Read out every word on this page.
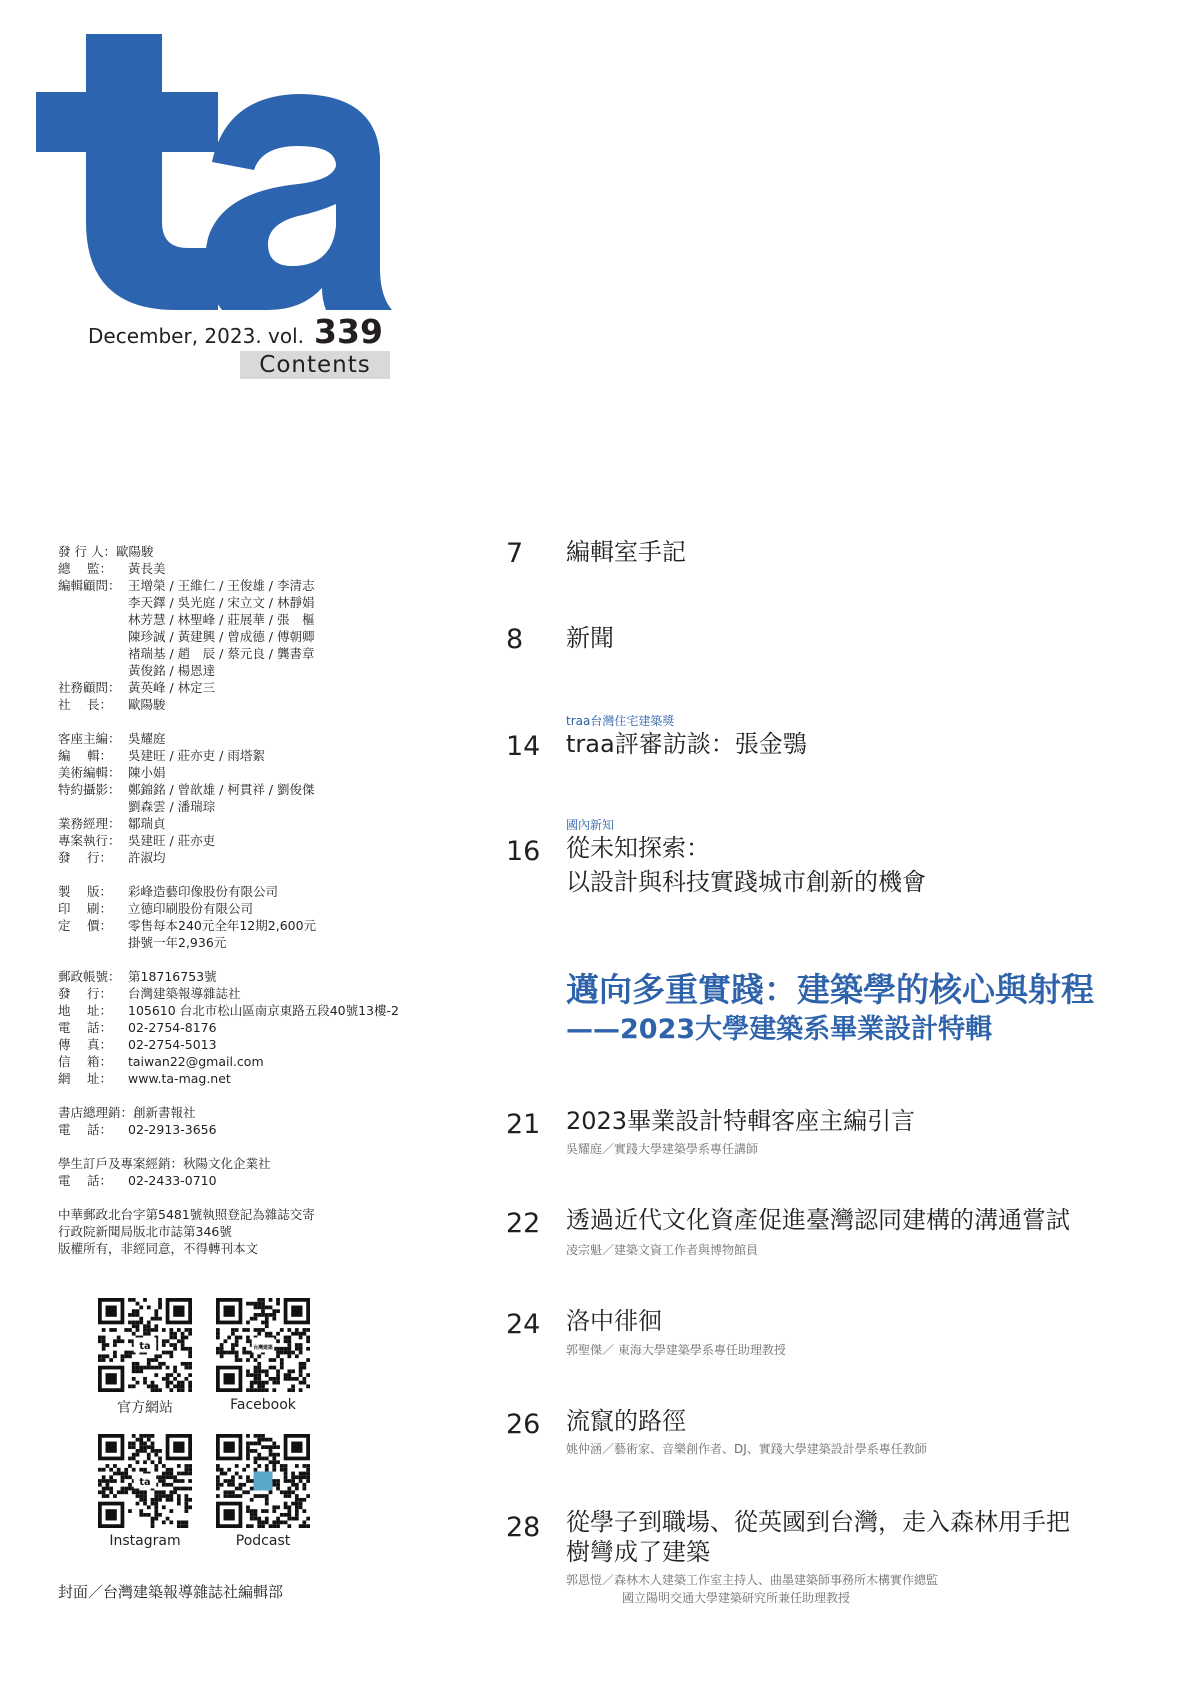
ta
December, 2023. vol. 339
Contents
發 行 人： 歐陽駿
總　 監：	黃長美
編輯顧問： 王增榮 / 王維仁 / 王俊雄 / 李清志
李天鐸 / 吳光庭 / 宋立文 / 林靜娟
林芳慧 / 林聖峰 / 莊展華 / 張　樞
陳珍誠 / 黃建興 / 曾成德 / 傅朝卿
褚瑞基 / 趙　辰 / 蔡元良 / 龔書章
黃俊銘 / 楊恩達
社務顧問： 黃英峰 / 林定三
社　 長：	歐陽駿
客座主編： 吳耀庭
編　 輯：	吳建旺 / 莊亦吏 / 雨塔絮
美術編輯： 陳小娟
特約攝影： 鄭錦銘 / 曾歆雄 / 柯貫祥 / 劉俊傑
劉森雲 / 潘瑞琮
業務經理： 鄒瑞貞
專案執行： 吳建旺 / 莊亦吏
發　 行：	許淑均
製　 版：	彩峰造藝印像股份有限公司
印　 刷：	立德印刷股份有限公司
定　 價：	零售每本240元全年12期2,600元
掛號一年2,936元
郵政帳號： 第18716753號
發　 行：	台灣建築報導雜誌社
地　 址：	105610 台北市松山區南京東路五段40號13樓-2
電　 話：	02-2754-8176
傳　 真：	02-2754-5013
信　 箱：	taiwan22@gmail.com
網　 址：	www.ta-mag.net
書店總理銷： 創新書報社
電　 話：	02-2913-3656
學生訂戶及專案經銷： 秋陽文化企業社
電　 話：	02-2433-0710
中華郵政北台字第5481號執照登記為雜誌交寄
行政院新聞局版北市誌第346號
版權所有，非經同意，不得轉刊本文
ta
官方網站
台灣建築
Facebook
ta
Instagram	Podcast
封面／台灣建築報導雜誌社編輯部
7	編輯室手記
8	新聞
traa台灣住宅建築獎
14	traa評審訪談：張金鶚
國內新知
16	從未知探索：
以設計與科技實踐城市創新的機會
邁向多重實踐：建築學的核心與射程
——2023大學建築系畢業設計特輯
21	2023畢業設計特輯客座主編引言
吳耀庭／實踐大學建築學系專任講師
22	透過近代文化資產促進臺灣認同建構的溝通嘗試
凌宗魁／建築文資工作者與博物館員
24	洛中徘徊
郭聖傑／ 東海大學建築學系專任助理教授
26	流竄的路徑
姚仲涵／藝術家、音樂創作者、DJ、實踐大學建築設計學系專任教師
28	從學子到職場、從英國到台灣，走入森林用手把
樹彎成了建築
郭恩愷／森林木人建築工作室主持人、曲墨建築師事務所木構實作總監
國立陽明交通大學建築研究所兼任助理教授
